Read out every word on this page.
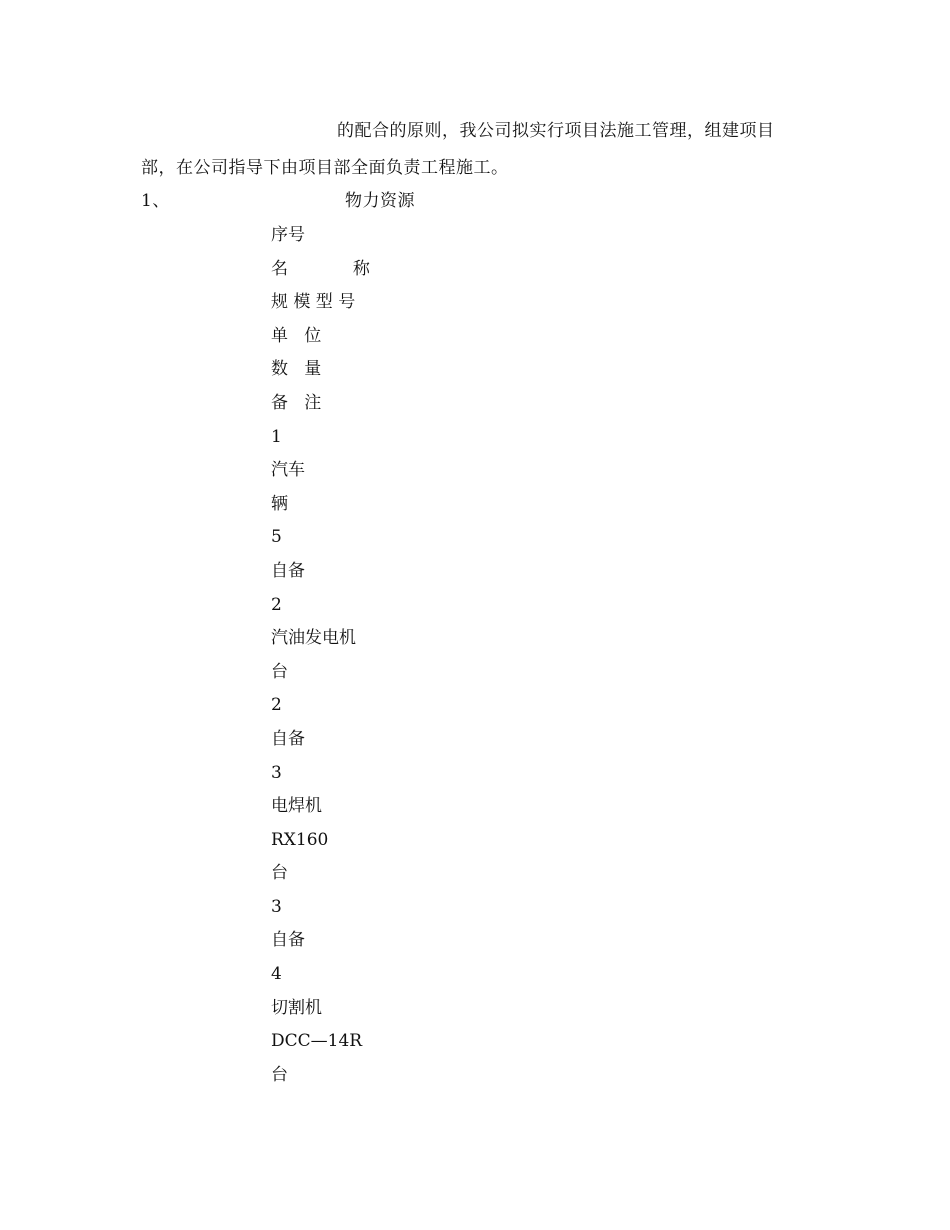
的配合的原则，我公司拟实行项目法施工管理，组建项目
部，在公司指导下由项目部全面负责工程施工。
1、	物力资源
序号
名            称
规 模 型 号
单   位
数   量
备   注
1
汽车
辆
5
自备
2
汽油发电机
台
2
自备
3
电焊机
RX160
台
3
自备
4
切割机
DCC—14R
台
